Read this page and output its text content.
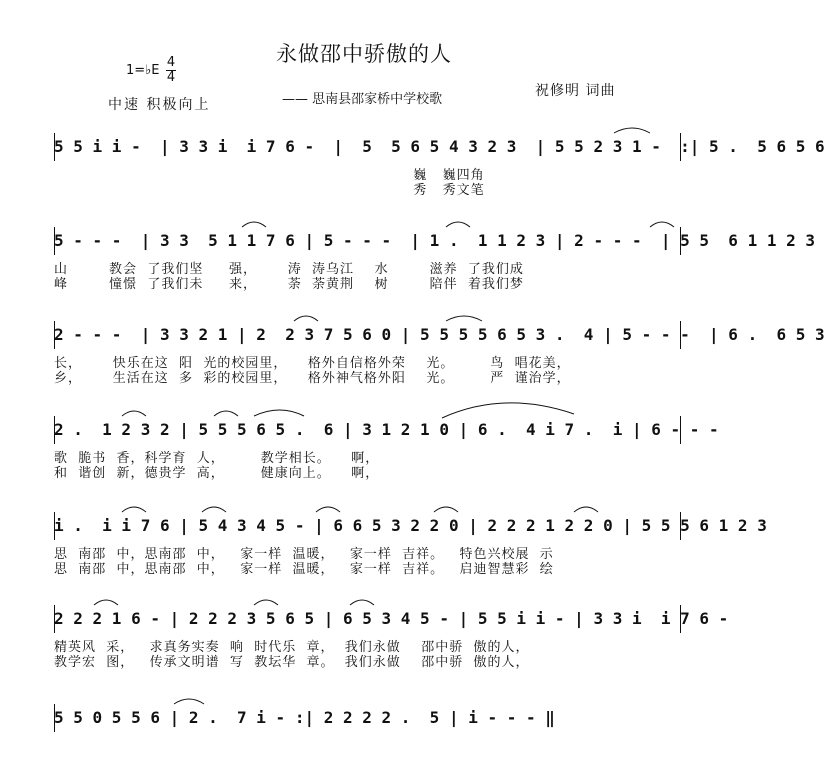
永做邵中骄傲的人
1=♭E
4
4
中速 积极向上	—— 思南县邵家桥中学校歌
祝修明 词曲
5 5 i i -  | 3 3 i  i 7 6 -  |  5  5 6 5 4 3 2 3  | 5 5 2 3 1 -  :| 5 .  5 6 5 6
巍   巍四角
秀   秀文笔
5 - - -  | 3 3  5 1 1 7 6 | 5 - - -  | 1 .  1 1 2 3 | 2 - - -  | 5 5  6 1 1 2 3
山        教会  了我们坚     强，      涛  涛乌江    水        滋养  了我们成
峰        憧憬  了我们未     来，      荼  荼黄荆    树        陪伴  着我们梦
2 - - -  | 3 3 2 1 | 2  2 3 7 5 6 0 | 5 5 5 5 6 5 3 .  4 | 5 - - -  | 6 .  6 5 3
长，      快乐在这  阳  光的校园里，    格外自信格外荣    光。       鸟  唱花美，
乡，      生活在这  多  彩的校园里，    格外神气格外阳    光。       严  谨治学，
2 .  1 2 3 2 | 5 5 5 6 5 .  6 | 3 1 2 1 0 | 6 .  4 i 7 .  i | 6 - - -
歌  脆书  香，科学育  人，       教学相长。    啊，
和  谐创  新，德贵学  高，       健康向上。    啊，
i .  i i 7 6 | 5 4 3 4 5 - | 6 6 5 3 2 2 0 | 2 2 2 1 2 2 0 | 5 5 5 6 1 2 3
思  南邵  中，思南邵  中，   家一样  温暖，   家一样  吉祥。   特色兴校展  示
思  南邵  中，思南邵  中，   家一样  温暖，   家一样  吉祥。   启迪智慧彩  绘
2 2 2 1 6 - | 2 2 2 3 5 6 5 | 6 5 3 4 5 - | 5 5 i i - | 3 3 i  i 7 6 -
精英风  采，   求真务实奏  响  时代乐  章，  我们永做    邵中骄  傲的人，
教学宏  图，   传承文明谱  写  教坛华  章。  我们永做    邵中骄  傲的人，
5 5 0 5 5 6 | 2 .  7 i - :| 2 2 2 2 .  5 | i - - - ‖
